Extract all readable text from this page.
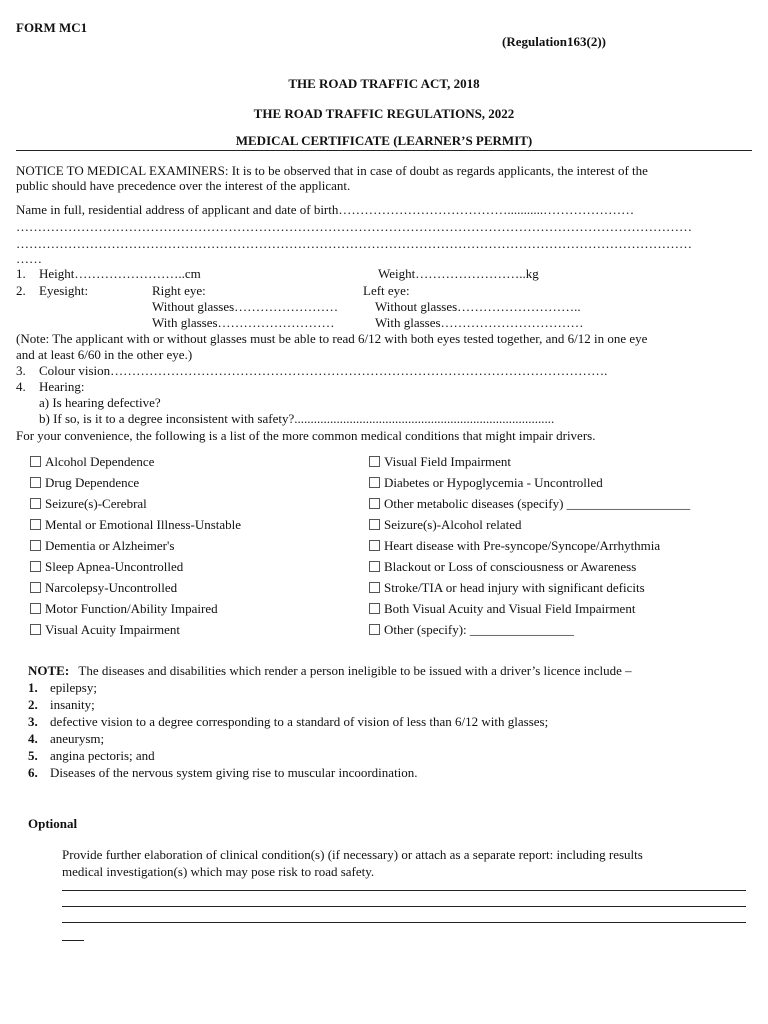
FORM MC1
(Regulation163(2))
THE ROAD TRAFFIC ACT, 2018
THE ROAD TRAFFIC REGULATIONS, 2022
MEDICAL CERTIFICATE (LEARNER’S PERMIT)
NOTICE TO MEDICAL EXAMINERS: It is to be observed that in case of doubt as regards applicants, the interest of the
public should have precedence over the interest of the applicant.
Name in full, residential address of applicant and date of birth…………………………………...........…………………
…………………………………………………………………………………………………………………………………………
…………………………………………………………………………………………………………………………………………
……
1. Height……………………..cm	Weight……………………..kg
2. Eyesight:	Right eye:	Left eye:
Without glasses……………………	Without glasses………………………..
With glasses………………………	With glasses……………………………
(Note: The applicant with or without glasses must be able to read 6/12 with both eyes tested together, and 6/12 in one eye
and at least 6/60 in the other eye.)
3. Colour vision…………………………………………………………………………………………………….
4. Hearing:
a) Is hearing defective?
b) If so, is it to a degree inconsistent with safety?................................................................................
For your convenience, the following is a list of the more common medical conditions that might impair drivers.
Alcohol Dependence
Drug Dependence
Seizure(s)-Cerebral
Mental or Emotional Illness-Unstable
Dementia or Alzheimer's
Sleep Apnea-Uncontrolled
Narcolepsy-Uncontrolled
Motor Function/Ability Impaired
Visual Acuity Impairment
Visual Field Impairment
Diabetes or Hypoglycemia - Uncontrolled
Other metabolic diseases (specify) ___________________
Seizure(s)-Alcohol related
Heart disease with Pre-syncope/Syncope/Arrhythmia
Blackout or Loss of consciousness or Awareness
Stroke/TIA or head injury with significant deficits
Both Visual Acuity and Visual Field Impairment
Other (specify): ________________
NOTE: The diseases and disabilities which render a person ineligible to be issued with a driver’s licence include –
1. epilepsy;
2. insanity;
3. defective vision to a degree corresponding to a standard of vision of less than 6/12 with glasses;
4. aneurysm;
5. angina pectoris; and
6. Diseases of the nervous system giving rise to muscular incoordination.
Optional
Provide further elaboration of clinical condition(s) (if necessary) or attach as a separate report: including results
medical investigation(s) which may pose risk to road safety.
